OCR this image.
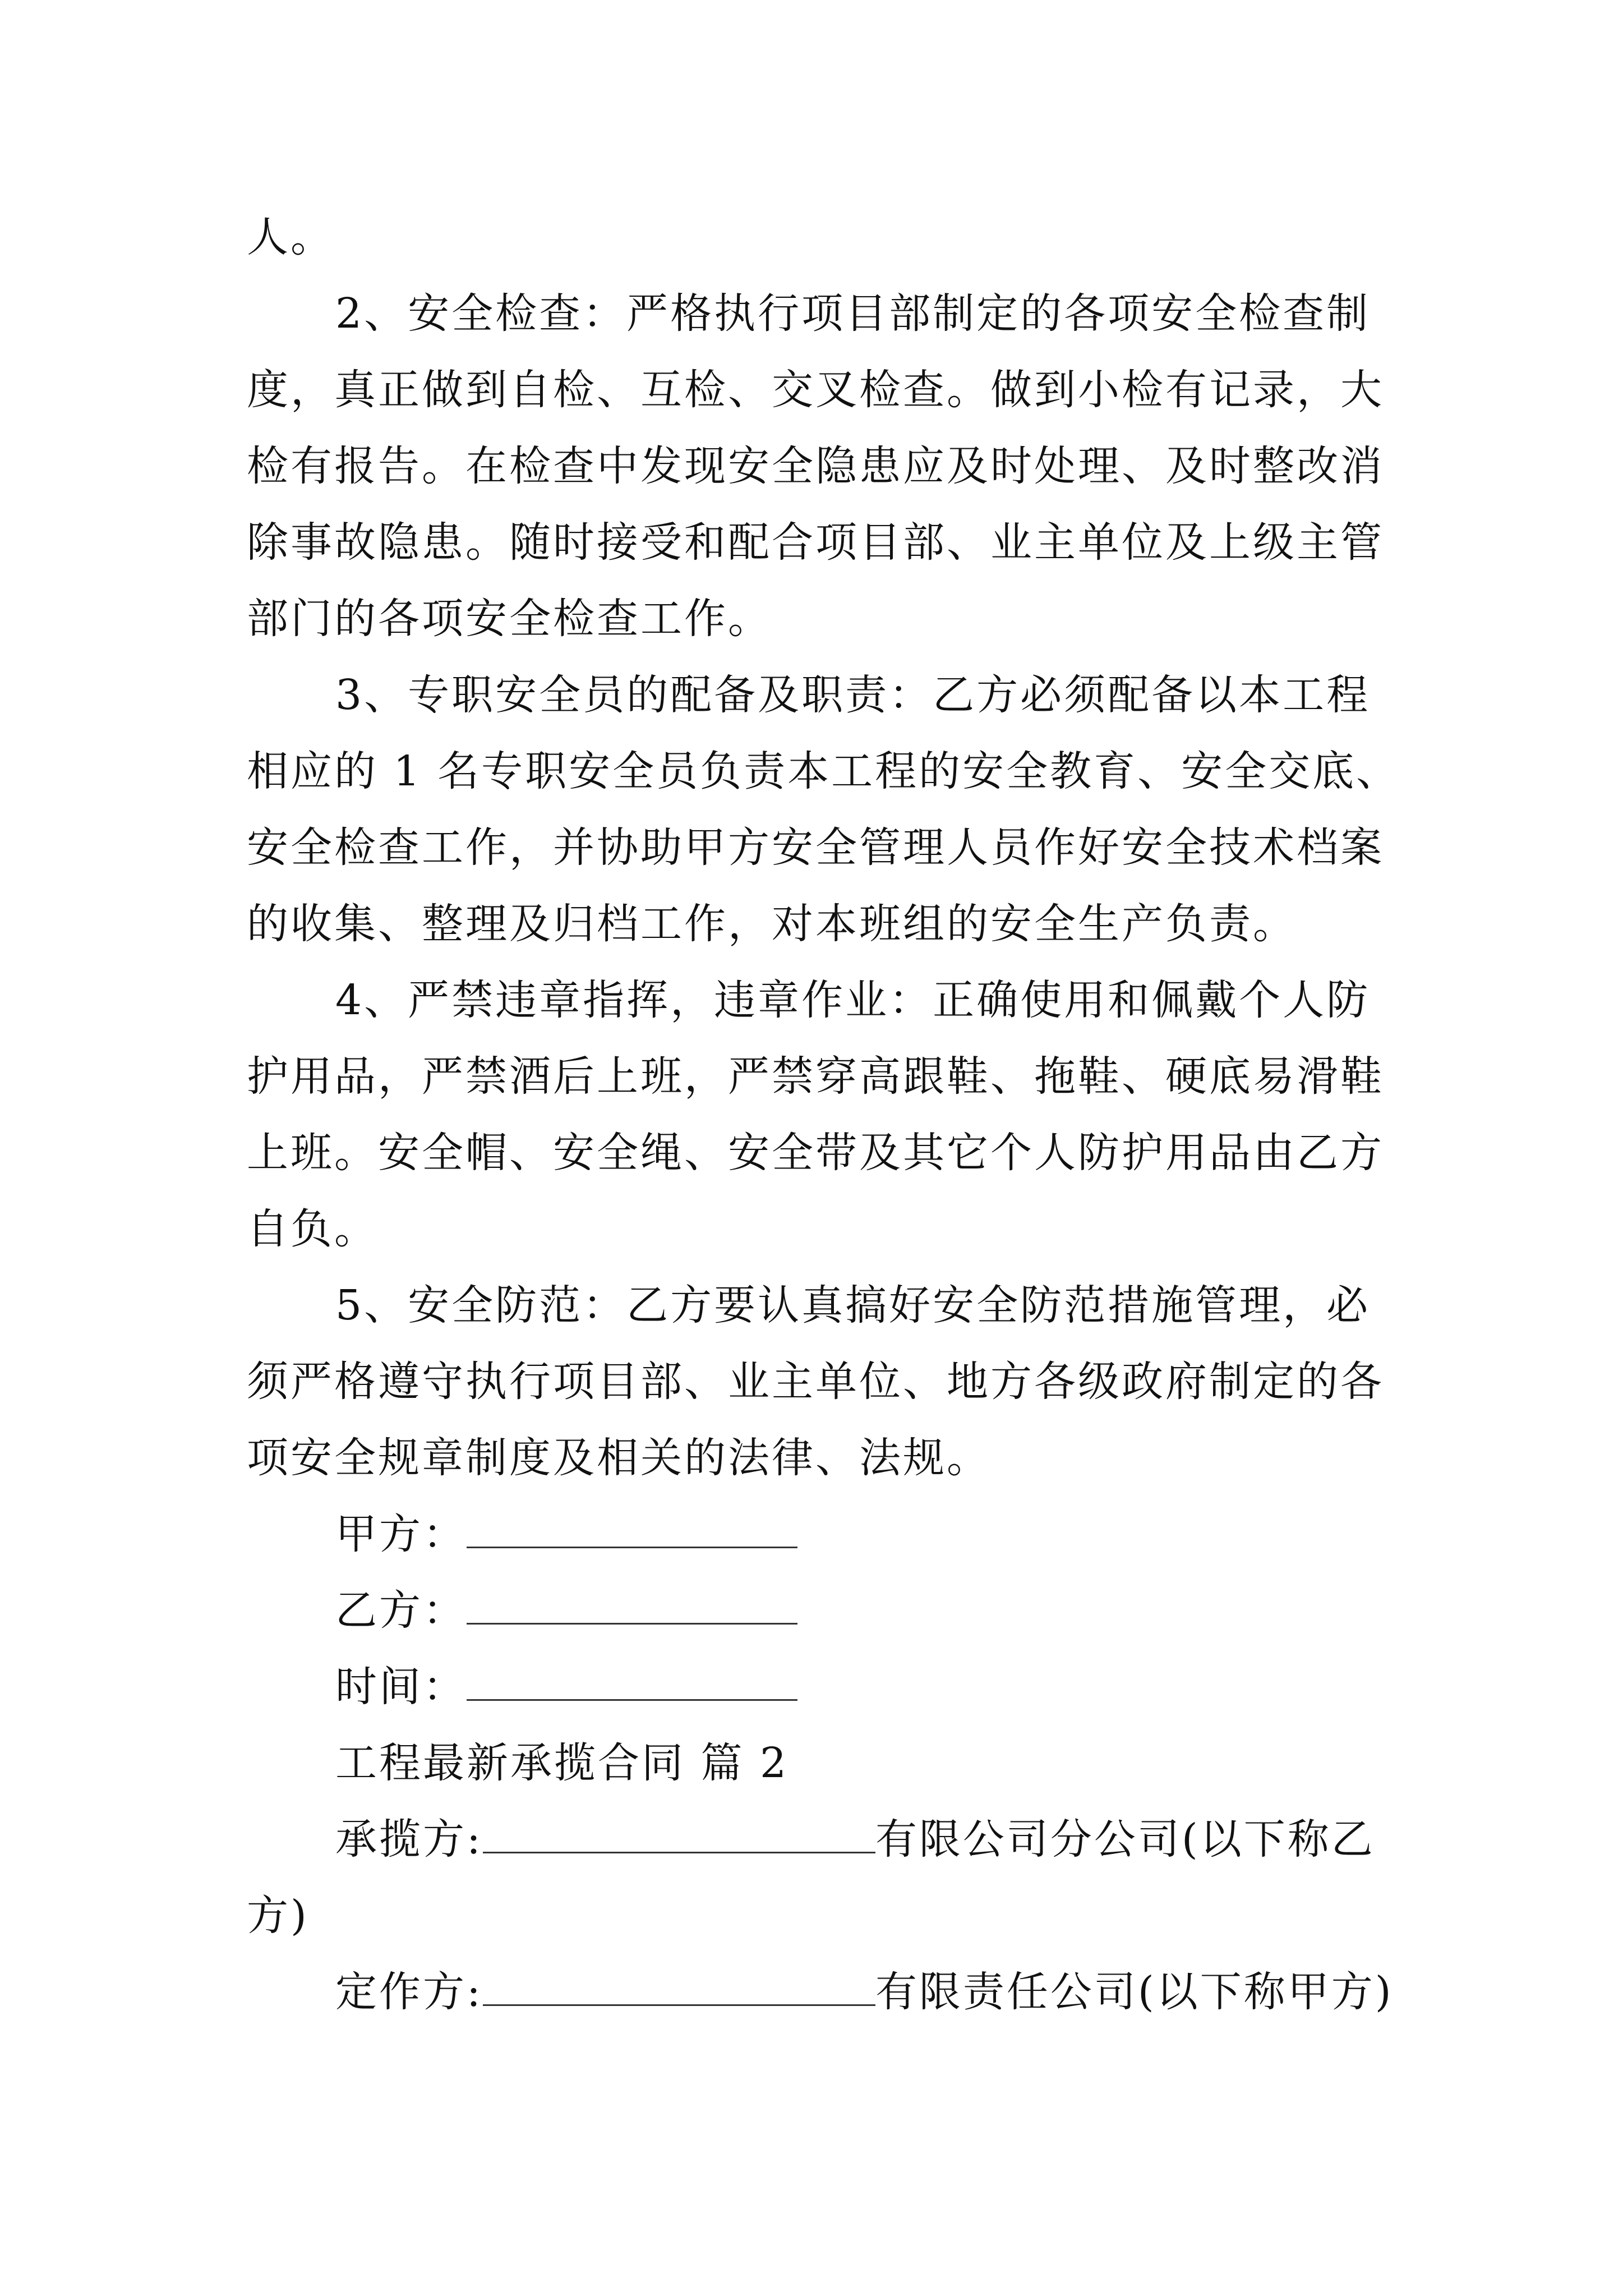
人。
2、安全检查：严格执行项目部制定的各项安全检查制
度，真正做到自检、互检、交叉检查。做到小检有记录，大
检有报告。在检查中发现安全隐患应及时处理、及时整改消
除事故隐患。随时接受和配合项目部、业主单位及上级主管
部门的各项安全检查工作。
3、专职安全员的配备及职责：乙方必须配备以本工程
相应的 1 名专职安全员负责本工程的安全教育、安全交底、
安全检查工作，并协助甲方安全管理人员作好安全技术档案
的收集、整理及归档工作，对本班组的安全生产负责。
4、严禁违章指挥，违章作业：正确使用和佩戴个人防
护用品，严禁酒后上班，严禁穿高跟鞋、拖鞋、硬底易滑鞋
上班。安全帽、安全绳、安全带及其它个人防护用品由乙方
自负。
5、安全防范：乙方要认真搞好安全防范措施管理，必
须严格遵守执行项目部、业主单位、地方各级政府制定的各
项安全规章制度及相关的法律、法规。
甲方：
乙方：
时间：
工程最新承揽合同 篇 2
承揽方:	有限公司分公司(以下称乙
方)
定作方:	有限责任公司(以下称甲方)
